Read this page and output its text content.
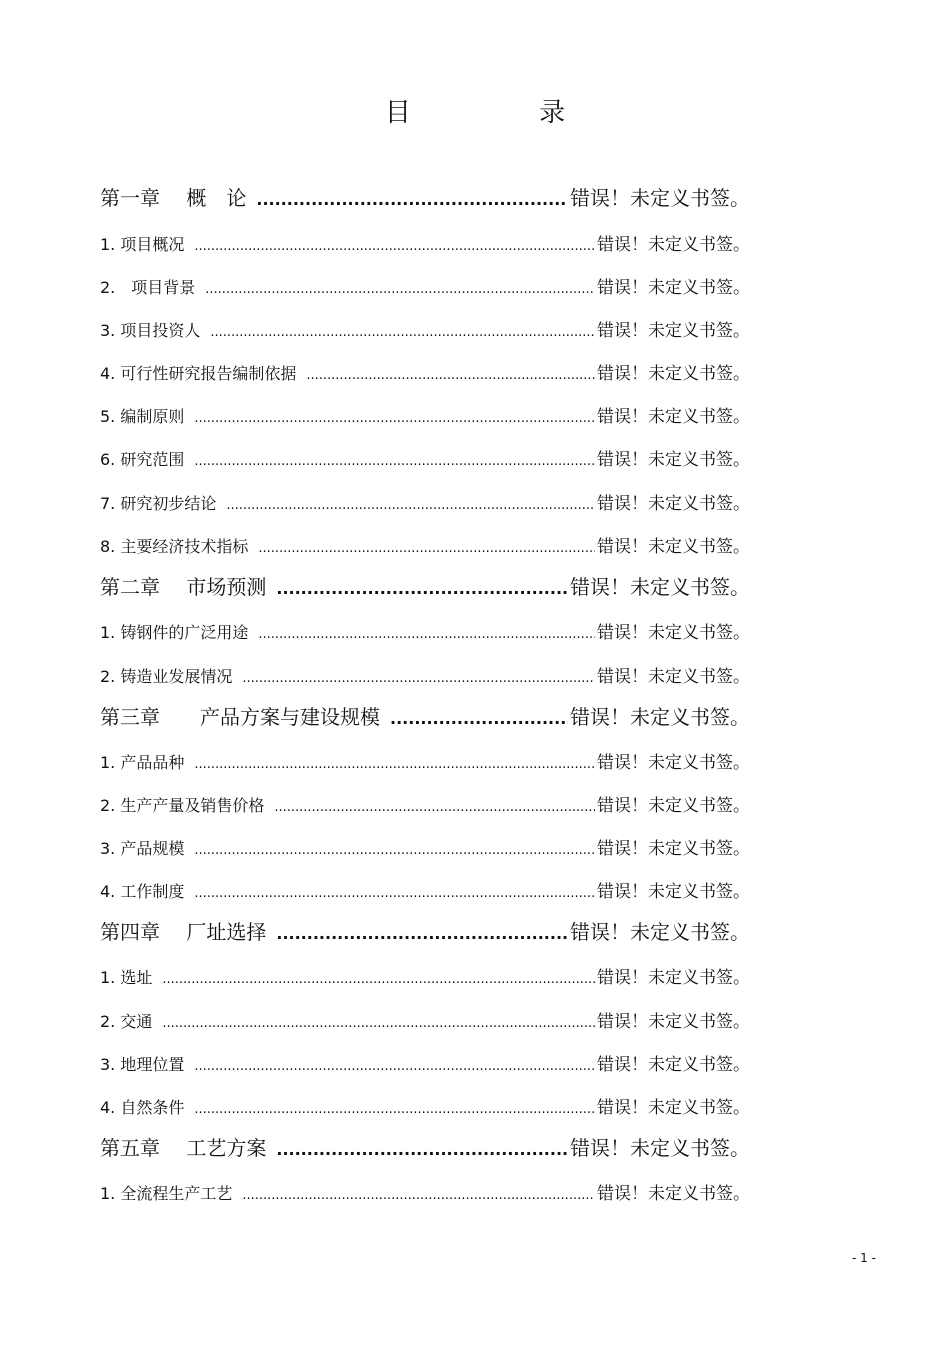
目 录
第一章　 概　论 .....	错误！未定义书签。
1. 项目概况 .....	错误！未定义书签。
2.　项目背景 .....	错误！未定义书签。
3. 项目投资人 .....	错误！未定义书签。
4. 可行性研究报告编制依据 .....	错误！未定义书签。
5. 编制原则 .....	错误！未定义书签。
6. 研究范围 .....	错误！未定义书签。
7. 研究初步结论 .....	错误！未定义书签。
8. 主要经济技术指标 .....	错误！未定义书签。
第二章　 市场预测 .....	错误！未定义书签。
1. 铸钢件的广泛用途 .....	错误！未定义书签。
2. 铸造业发展情况 .....	错误！未定义书签。
第三章　　产品方案与建设规模 .....	错误！未定义书签。
1. 产品品种 .....	错误！未定义书签。
2. 生产产量及销售价格 .....	错误！未定义书签。
3. 产品规模 .....	错误！未定义书签。
4. 工作制度 .....	错误！未定义书签。
第四章　 厂址选择 .....	错误！未定义书签。
1. 选址 .....	错误！未定义书签。
2. 交通 .....	错误！未定义书签。
3. 地理位置 .....	错误！未定义书签。
4. 自然条件 .....	错误！未定义书签。
第五章　 工艺方案 .....	错误！未定义书签。
1. 全流程生产工艺 .....	错误！未定义书签。
- 1 -
